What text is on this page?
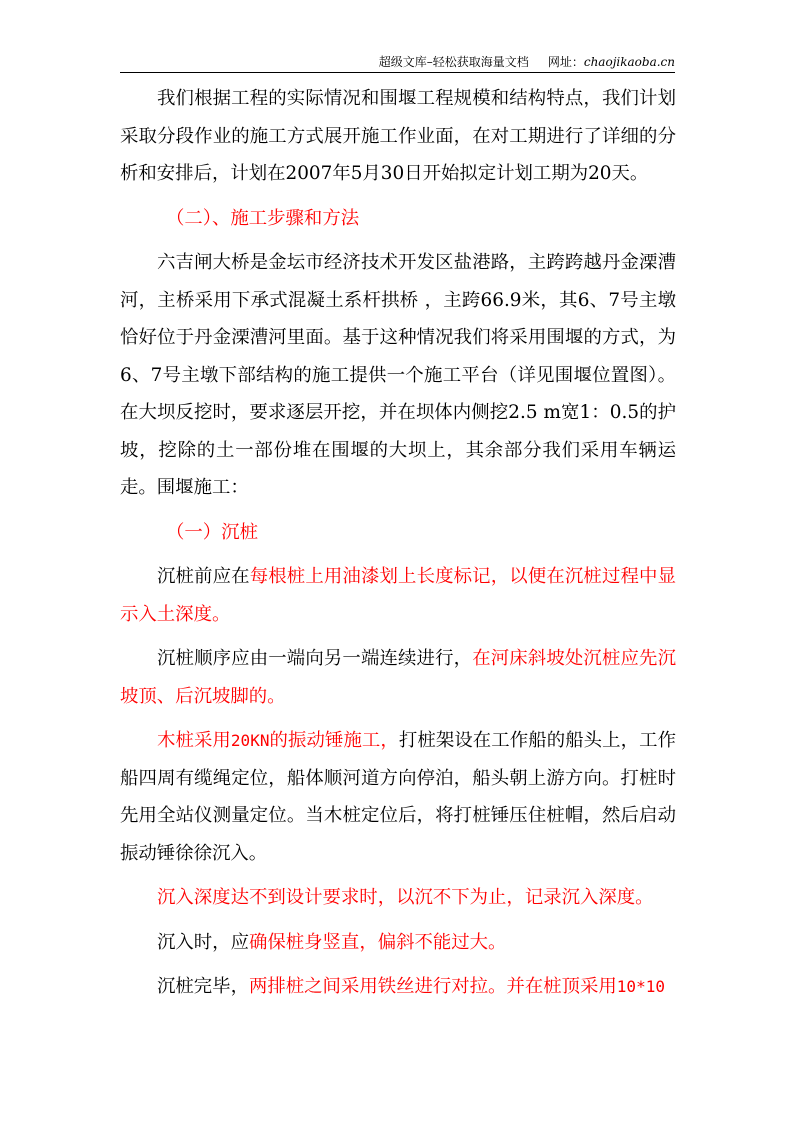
超级文库–轻松获取海量文档 网址：chaojikaoba.cn

我们根据工程的实际情况和围堰工程规模和结构特点，我们计划采取分段作业的施工方式展开施工作业面，在对工期进行了详细的分析和安排后，计划在2007年5月30日开始拟定计划工期为20天。

（二）、施工步骤和方法

六吉闸大桥是金坛市经济技术开发区盐港路，主跨跨越丹金溧漕河，主桥采用下承式混凝土系杆拱桥 ，主跨66.9米，其6、7号主墩恰好位于丹金溧漕河里面。基于这种情况我们将采用围堰的方式，为6、7号主墩下部结构的施工提供一个施工平台（详见围堰位置图）。在大坝反挖时，要求逐层开挖，并在坝体内侧挖2.5 m宽1：0.5的护坡，挖除的土一部份堆在围堰的大坝上，其余部分我们采用车辆运走。围堰施工：

（一）沉桩

沉桩前应在每根桩上用油漆划上长度标记，以便在沉桩过程中显示入土深度。

沉桩顺序应由一端向另一端连续进行，在河床斜坡处沉桩应先沉坡顶、后沉坡脚的。

木桩采用20KN的振动锤施工，打桩架设在工作船的船头上，工作船四周有缆绳定位，船体顺河道方向停泊，船头朝上游方向。打桩时先用全站仪测量定位。当木桩定位后，将打桩锤压住桩帽，然后启动振动锤徐徐沉入。

沉入深度达不到设计要求时，以沉不下为止，记录沉入深度。

沉入时，应确保桩身竖直，偏斜不能过大。

沉桩完毕，两排桩之间采用铁丝进行对拉。并在桩顶采用10*10
